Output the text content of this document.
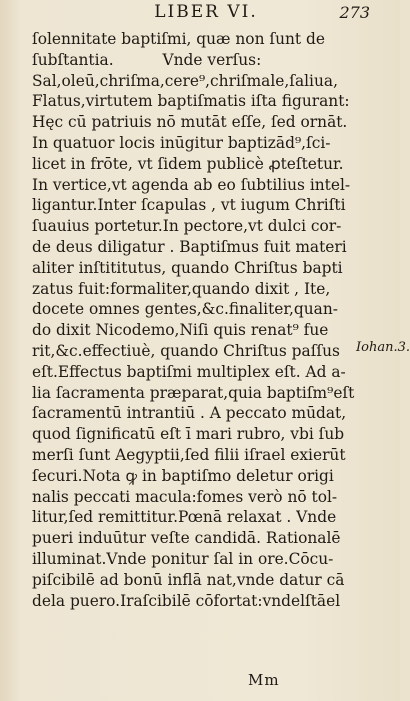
LIBER VI.	273
ſolennitate baptiſmi, quæ non ſunt de
ſubſtantia.          Vnde verſus:
Sal,oleū,chriſma,cere⁹,chriſmale,ſaliua,
Flatus,virtutem baptiſmatis iſta figurant:
Hęc cū patriuis nō mutāt eſſe, ſed ornāt.
In quatuor locis inūgitur baptizād⁹,ſci-
licet in frōte, vt ſidem publicè ꝓteſtetur.
In vertice,vt agenda ab eo ſubtilius intel-
ligantur.Inter ſcapulas , vt iugum Chriſti
ſuauius portetur.In pectore,vt dulci cor-
de deus diligatur . Baptiſmus fuit materi
aliter inſtititutus, quando Chriſtus bapti
zatus fuit:formaliter,quando dixit , Ite,
docete omnes gentes,&c.finaliter,quan-
do dixit Nicodemo,Niſi quis renat⁹ fue
rit,&c.effectiuè, quando Chriſtus paſſus
eſt.Effectus baptiſmi multiplex eſt. Ad a-
lia ſacramenta præparat,quia baptiſm⁹eſt
ſacramentū intrantiū . A peccato mūdat,
quod ſignificatū eſt ī mari rubro, vbi ſub
merſi ſunt Aegyptii,ſed filii iſrael exierūt
ſecuri.Nota ꝙ in baptiſmo deletur origi
nalis peccati macula:fomes verò nō tol-
litur,ſed remittitur.Pœnā relaxat . Vnde
pueri induūtur veſte candidā. Rationalē
illuminat.Vnde ponitur ſal in ore.Cōcu-
piſcibilē ad bonū inflā nat,vnde datur cā
dela puero.Iraſcibilē cōfortat:vndelſtāel
Iohan.3.
Mm
